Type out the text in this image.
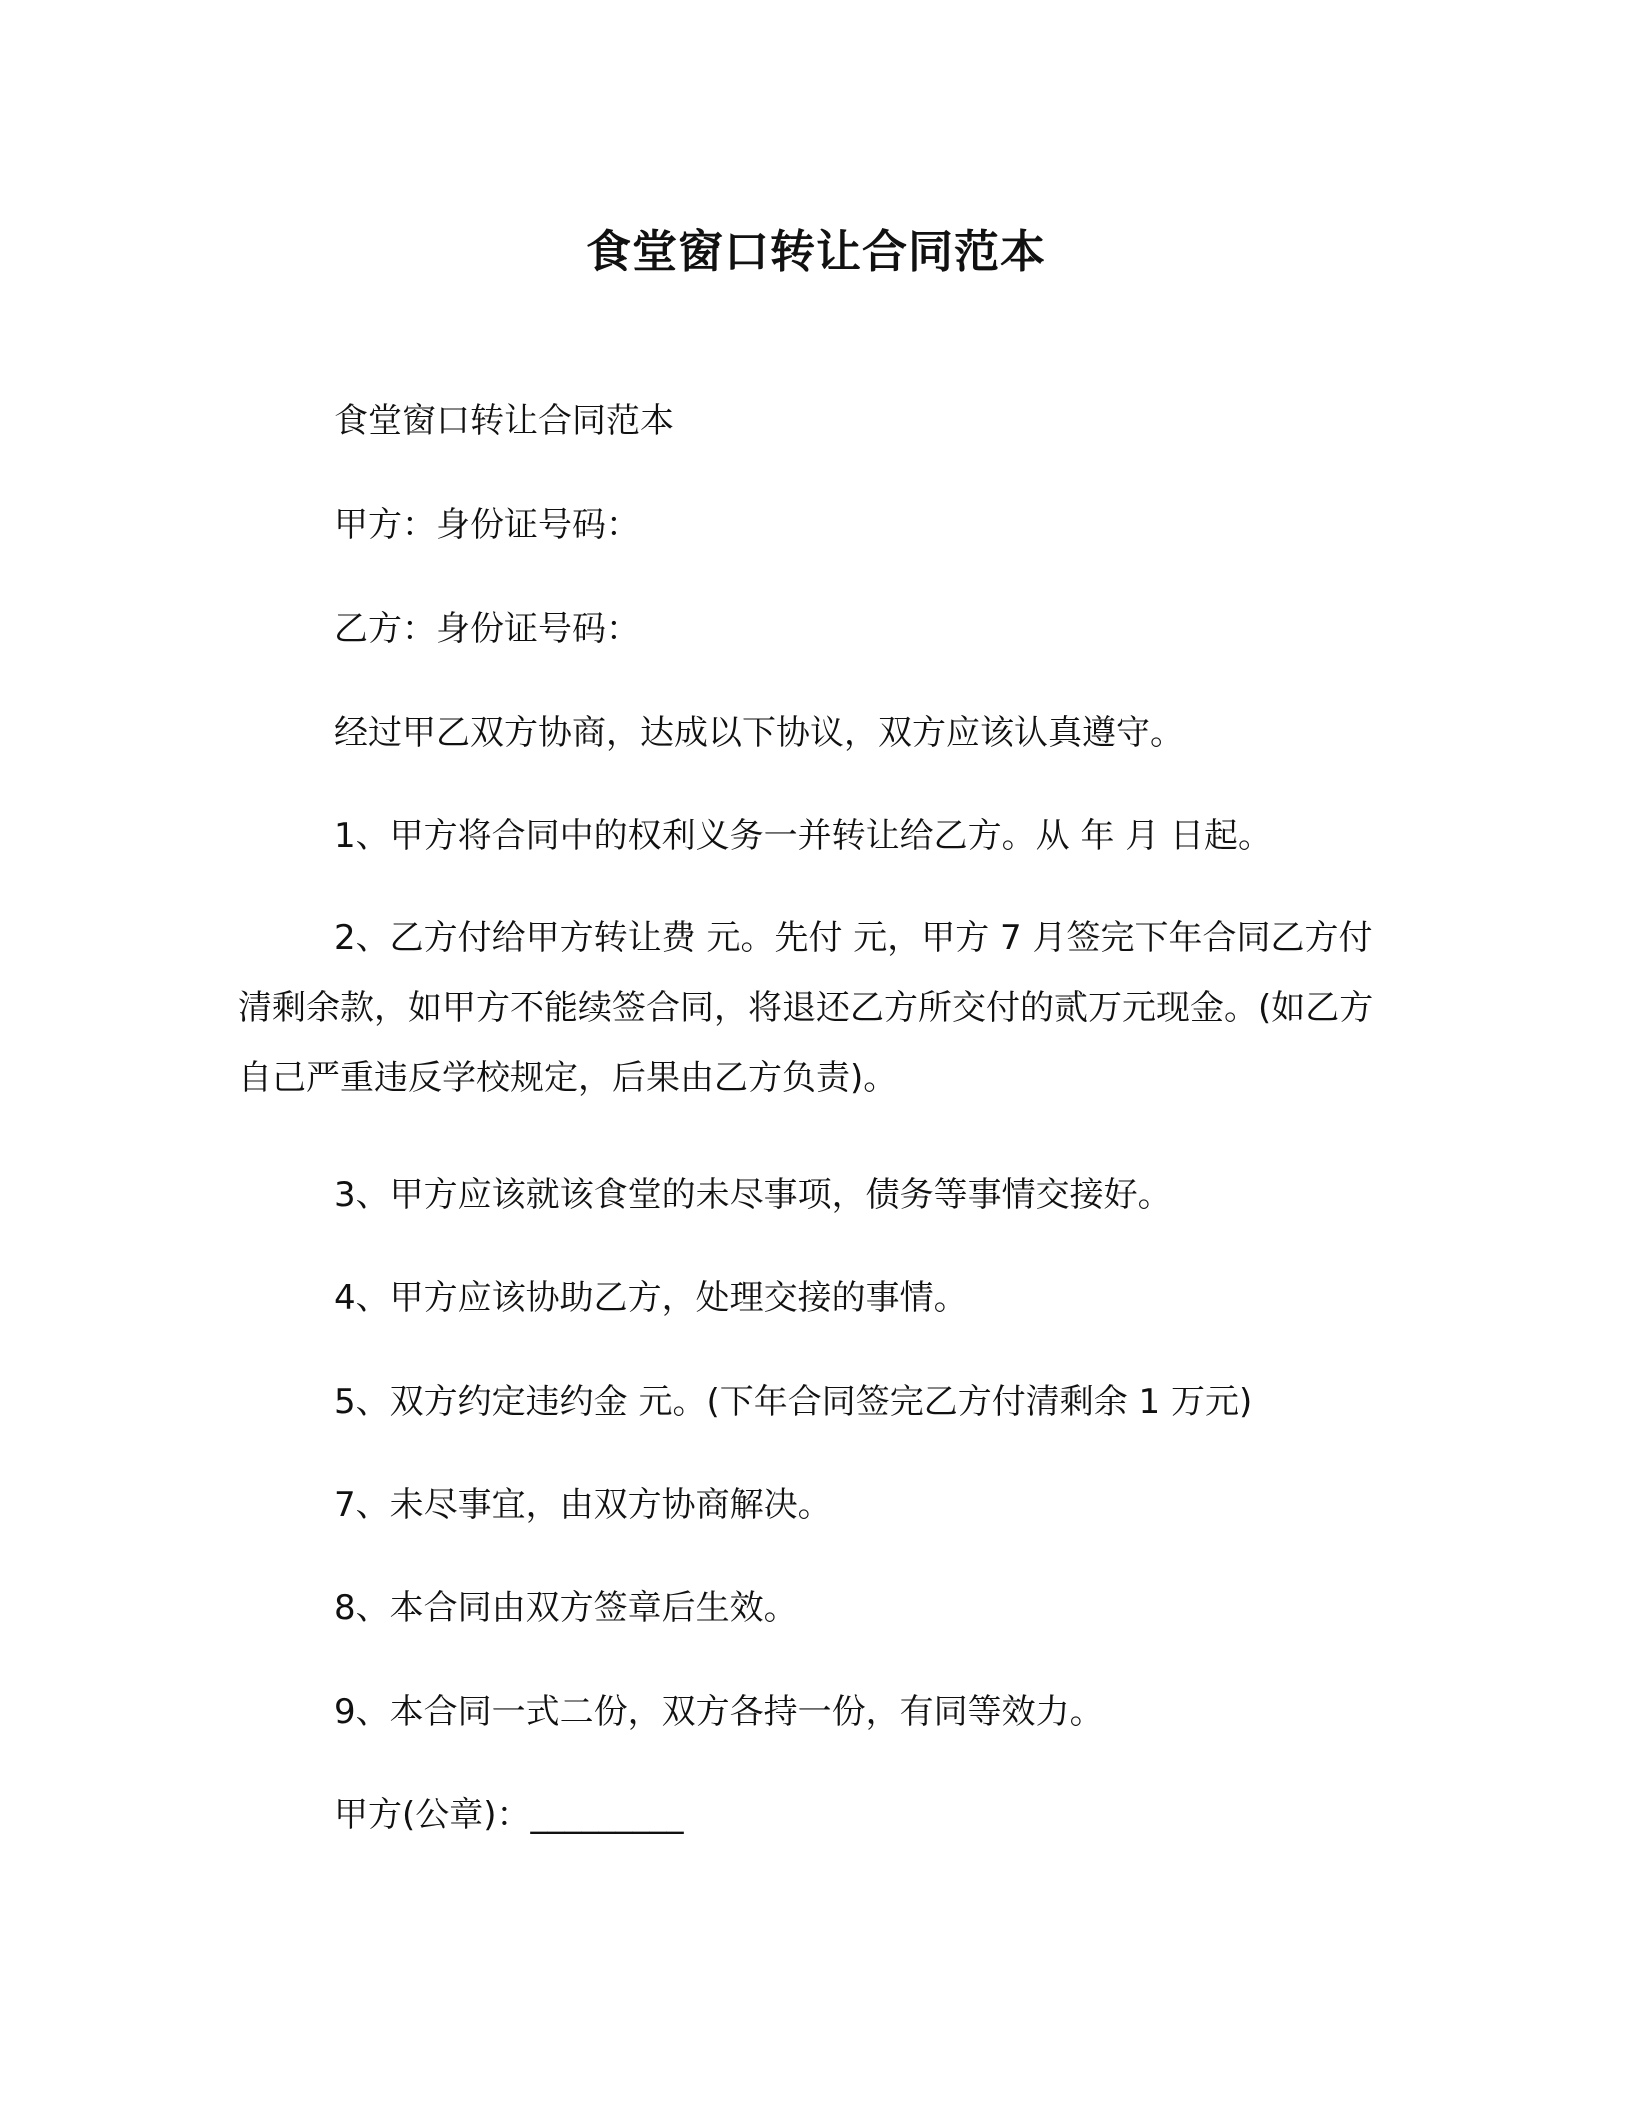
食堂窗口转让合同范本

食堂窗口转让合同范本

甲方：身份证号码：

乙方：身份证号码：

经过甲乙双方协商，达成以下协议，双方应该认真遵守。

1、甲方将合同中的权利义务一并转让给乙方。从 年 月 日起。

2、乙方付给甲方转让费 元。先付 元，甲方 7 月签完下年合同乙方付清剩余款，如甲方不能续签合同，将退还乙方所交付的贰万元现金。(如乙方自己严重违反学校规定，后果由乙方负责)。

3、甲方应该就该食堂的未尽事项，债务等事情交接好。

4、甲方应该协助乙方，处理交接的事情。

5、双方约定违约金 元。(下年合同签完乙方付清剩余 1 万元)

7、未尽事宜，由双方协商解决。

8、本合同由双方签章后生效。

9、本合同一式二份，双方各持一份，有同等效力。

甲方(公章)：_________
